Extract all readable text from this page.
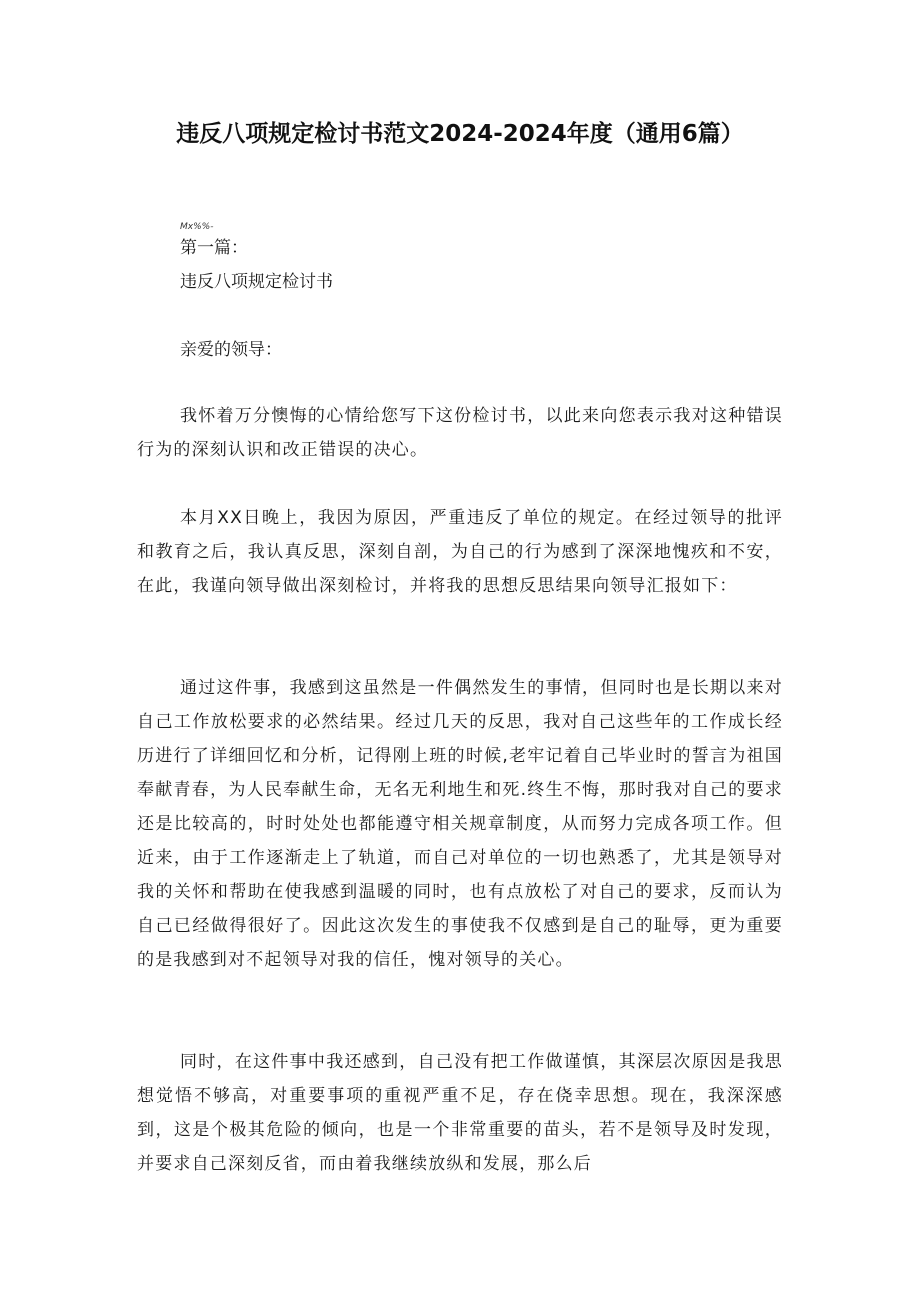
违反八项规定检讨书范文2024-2024年度（通用6篇）
Mx%%-
第一篇：
违反八项规定检讨书
亲爱的领导：

我怀着万分懊悔的心情给您写下这份检讨书，以此来向您表示我对这种错误行为的深刻认识和改正错误的决心。

本月XX日晚上，我因为原因，严重违反了单位的规定。在经过领导的批评和教育之后，我认真反思，深刻自剖，为自己的行为感到了深深地愧疚和不安，在此，我谨向领导做出深刻检讨，并将我的思想反思结果向领导汇报如下：

通过这件事，我感到这虽然是一件偶然发生的事情，但同时也是长期以来对自己工作放松要求的必然结果。经过几天的反思，我对自己这些年的工作成长经历进行了详细回忆和分析，记得刚上班的时候,老牢记着自己毕业时的誓言为祖国奉献青春，为人民奉献生命，无名无利地生和死.终生不悔，那时我对自己的要求还是比较高的，时时处处也都能遵守相关规章制度，从而努力完成各项工作。但近来，由于工作逐渐走上了轨道，而自己对单位的一切也熟悉了，尤其是领导对我的关怀和帮助在使我感到温暖的同时，也有点放松了对自己的要求，反而认为自己已经做得很好了。因此这次发生的事使我不仅感到是自己的耻辱，更为重要的是我感到对不起领导对我的信任，愧对领导的关心。

同时，在这件事中我还感到，自己没有把工作做谨慎，其深层次原因是我思想觉悟不够高，对重要事项的重视严重不足，存在侥幸思想。现在，我深深感到，这是个极其危险的倾向，也是一个非常重要的苗头，若不是领导及时发现，并要求自己深刻反省，而由着我继续放纵和发展，那么后
